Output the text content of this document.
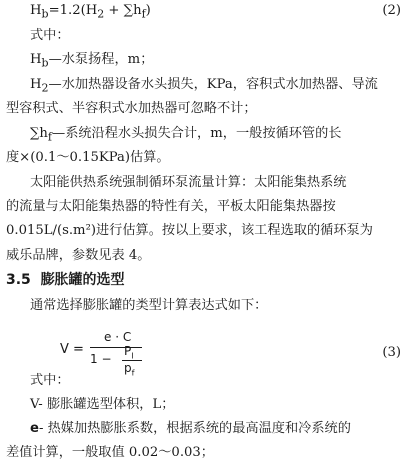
$H_b=1.2(H_2 + \sum h_f)$	(2)
式中：
$H_b—$水泵扬程，m；
$H_2—$水加热器设备水头损失，KPa，容积式水加热器、导流
型容积式、半容积式水加热器可忽略不计；
$\sum h_f—$系统沿程水头损失合计，m，一般按循环管的长
度×(0.1～0.15KPa)估算。
太阳能供热系统强制循环泵流量计算：太阳能集热系统
的流量与太阳能集热器的特性有关，平板太阳能集热器按
0.015L/(s.m²)进行估算。按以上要求，该工程选取的循环泵为
威乐品牌，参数见表 4。
3.5 膨胀罐的选型
通常选择膨胀罐的类型计算表达式如下：
V =
e · C
1 −
$P_I$
$p_f$
(3)
式中：
V- 膨胀罐选型体积，L；
e- 热媒加热膨胀系数，根据系统的最高温度和冷系统的
差值计算，一般取值 0.02～0.03；
